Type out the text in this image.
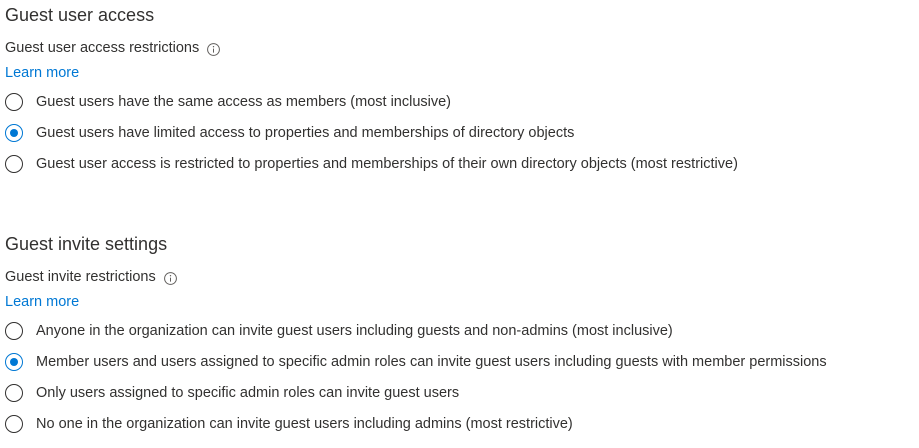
Guest user access
Guest user access restrictions
Learn more
Guest users have the same access as members (most inclusive)
Guest users have limited access to properties and memberships of directory objects
Guest user access is restricted to properties and memberships of their own directory objects (most restrictive)
Guest invite settings
Guest invite restrictions
Learn more
Anyone in the organization can invite guest users including guests and non-admins (most inclusive)
Member users and users assigned to specific admin roles can invite guest users including guests with member permissions
Only users assigned to specific admin roles can invite guest users
No one in the organization can invite guest users including admins (most restrictive)
